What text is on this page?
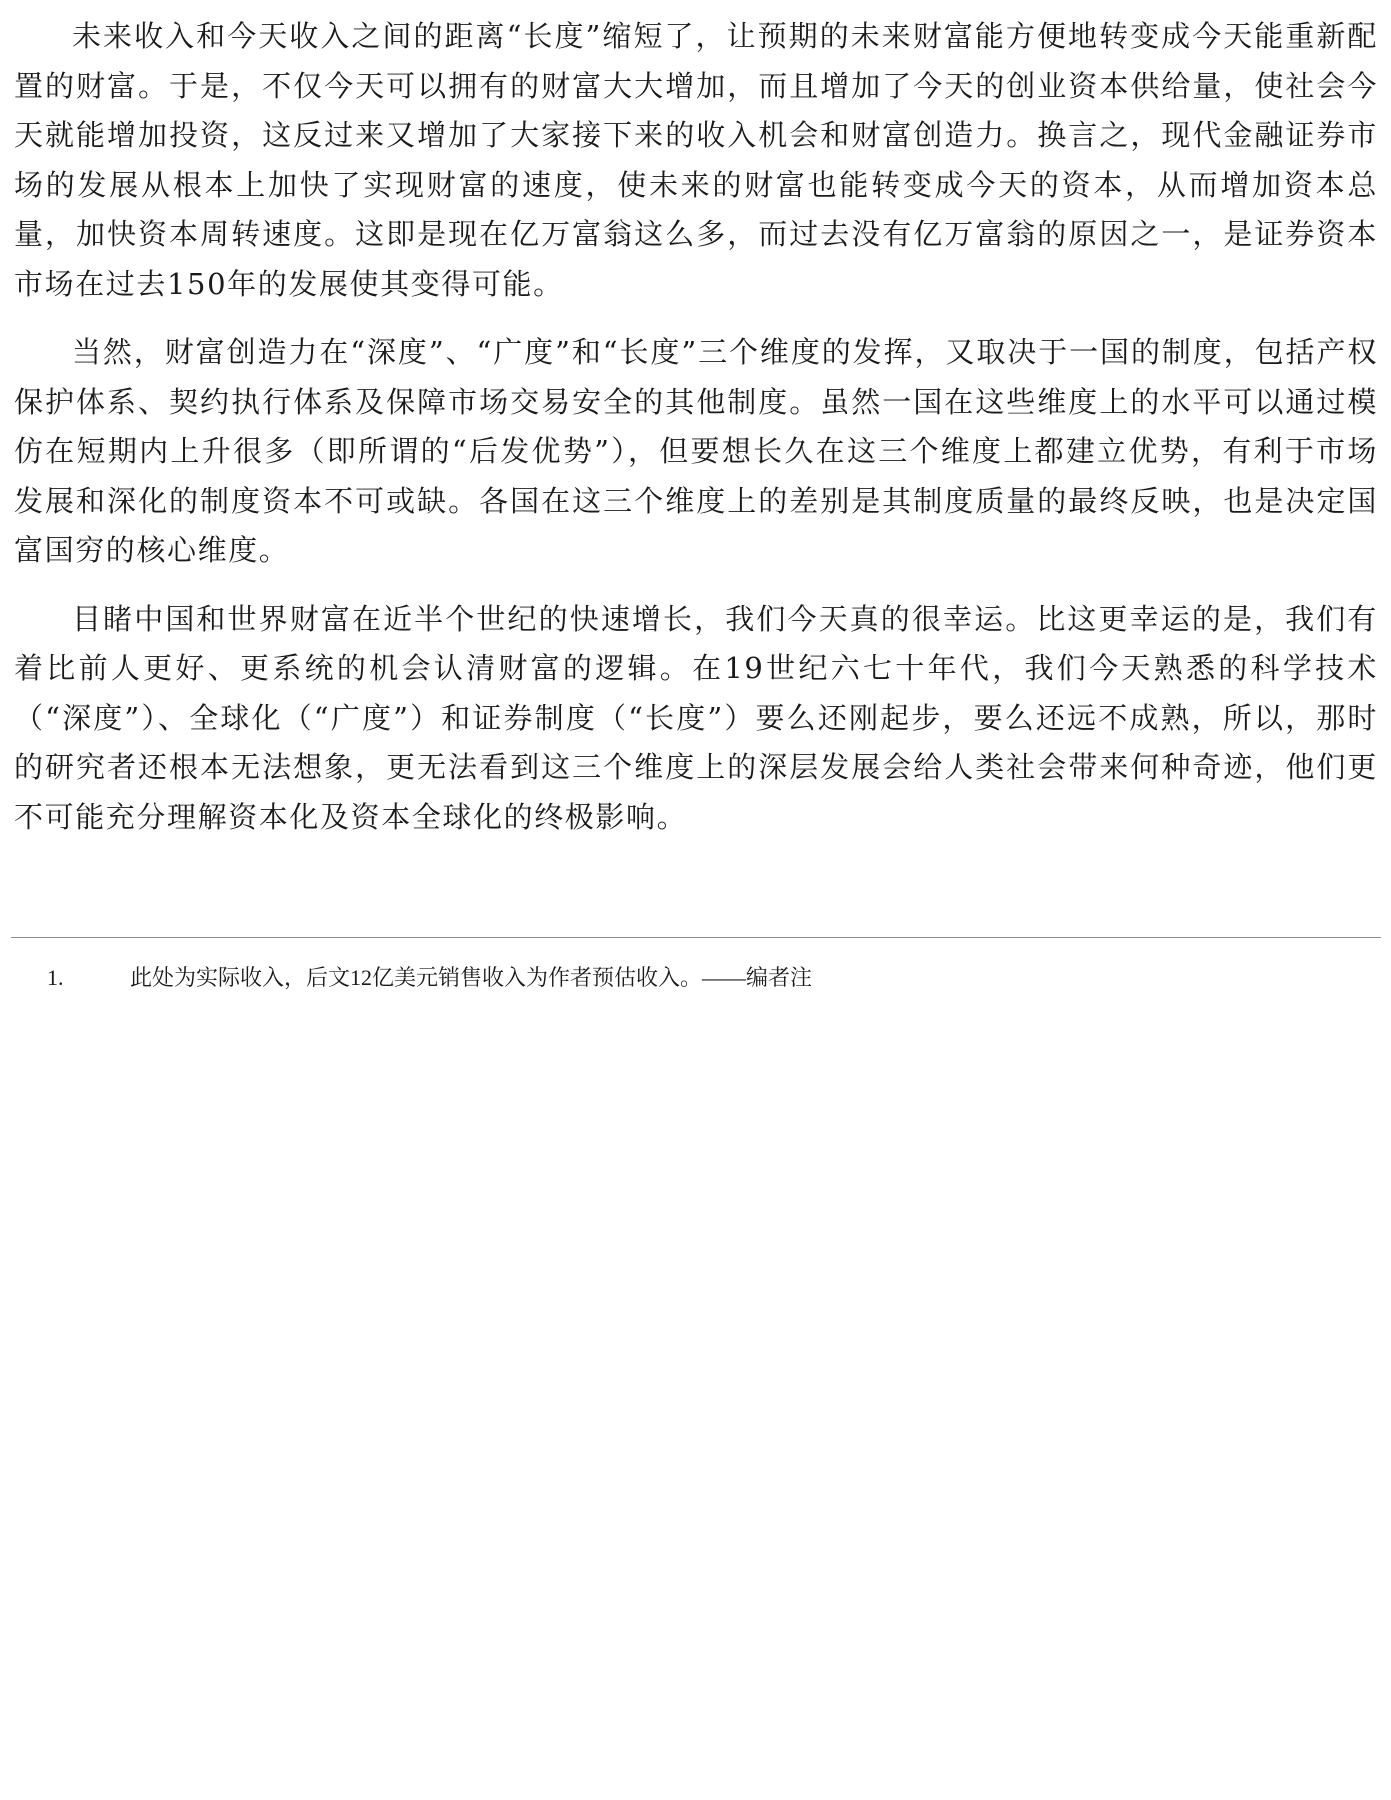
未来收入和今天收入之间的距离“长度”缩短了，让预期的未来财富能方便地转变成今天能重新配置的财富。于是，不仅今天可以拥有的财富大大增加，而且增加了今天的创业资本供给量，使社会今天就能增加投资，这反过来又增加了大家接下来的收入机会和财富创造力。换言之，现代金融证券市场的发展从根本上加快了实现财富的速度，使未来的财富也能转变成今天的资本，从而增加资本总量，加快资本周转速度。这即是现在亿万富翁这么多，而过去没有亿万富翁的原因之一，是证券资本市场在过去150年的发展使其变得可能。

当然，财富创造力在“深度”、“广度”和“长度”三个维度的发挥，又取决于一国的制度，包括产权保护体系、契约执行体系及保障市场交易安全的其他制度。虽然一国在这些维度上的水平可以通过模仿在短期内上升很多（即所谓的“后发优势”），但要想长久在这三个维度上都建立优势，有利于市场发展和深化的制度资本不可或缺。各国在这三个维度上的差别是其制度质量的最终反映，也是决定国富国穷的核心维度。

目睹中国和世界财富在近半个世纪的快速增长，我们今天真的很幸运。比这更幸运的是，我们有着比前人更好、更系统的机会认清财富的逻辑。在19世纪六七十年代，我们今天熟悉的科学技术（“深度”）、全球化（“广度”）和证券制度（“长度”）要么还刚起步，要么还远不成熟，所以，那时的研究者还根本无法想象，更无法看到这三个维度上的深层发展会给人类社会带来何种奇迹，他们更不可能充分理解资本化及资本全球化的终极影响。

1.	此处为实际收入，后文12亿美元销售收入为作者预估收入。——编者注
